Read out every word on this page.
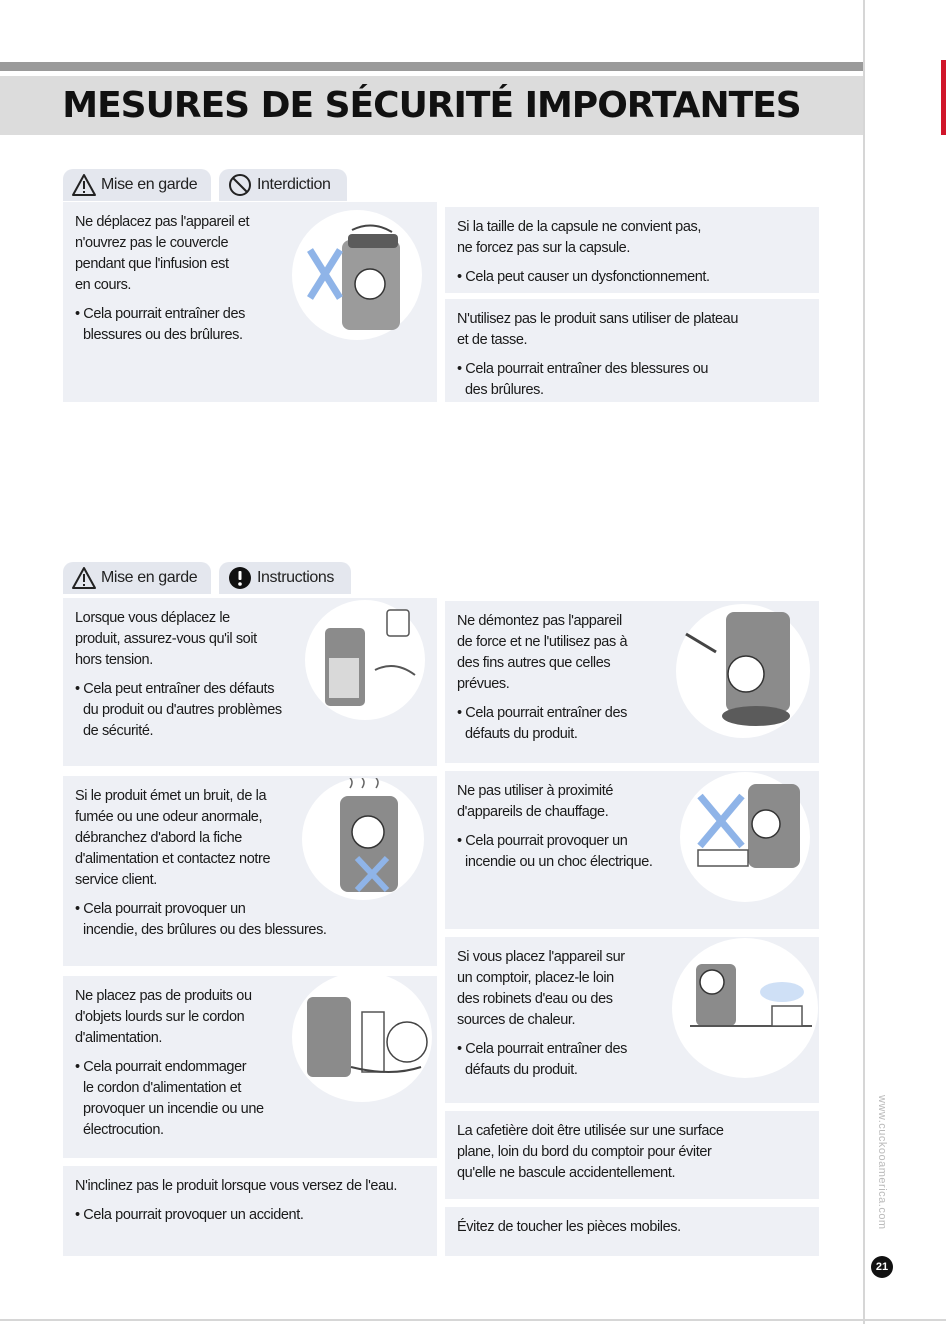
MESURES DE SÉCURITÉ IMPORTANTES
Mise en garde	Interdiction

Ne déplacez pas l'appareil et

n'ouvrez pas le couvercle

pendant que l'infusion est

en cours.

• Cela pourrait entraîner des

blessures ou des brûlures.

Si la taille de la capsule ne convient pas,

ne forcez pas sur la capsule.

• Cela peut causer un dysfonctionnement.

N'utilisez pas le produit sans utiliser de plateau

et de tasse.

• Cela pourrait entraîner des blessures ou

des brûlures.

Mise en garde	Instructions

Lorsque vous déplacez le

produit, assurez-vous qu'il soit

hors tension.

• Cela peut entraîner des défauts

du produit ou d'autres problèmes

de sécurité.

Si le produit émet un bruit, de la

fumée ou une odeur anormale,

débranchez d'abord la fiche

d'alimentation et contactez notre

service client.

• Cela pourrait provoquer un

incendie, des brûlures ou des blessures.

Ne placez pas de produits ou

d'objets lourds sur le cordon

d'alimentation.

• Cela pourrait endommager

le cordon d'alimentation et

provoquer un incendie ou une

électrocution.

N'inclinez pas le produit lorsque vous versez de l'eau.

• Cela pourrait provoquer un accident.

Ne démontez pas l'appareil

de force et ne l'utilisez pas à

des fins autres que celles

prévues.

• Cela pourrait entraîner des

défauts du produit.

Ne pas utiliser à proximité

d'appareils de chauffage.

• Cela pourrait provoquer un

incendie ou un choc électrique.

Si vous placez l'appareil sur

un comptoir, placez-le loin

des robinets d'eau ou des

sources de chaleur.

• Cela pourrait entraîner des

défauts du produit.

La cafetière doit être utilisée sur une surface

plane, loin du bord du comptoir pour éviter

qu'elle ne bascule accidentellement.

Évitez de toucher les pièces mobiles.	www.cuckooamerica.com
21
